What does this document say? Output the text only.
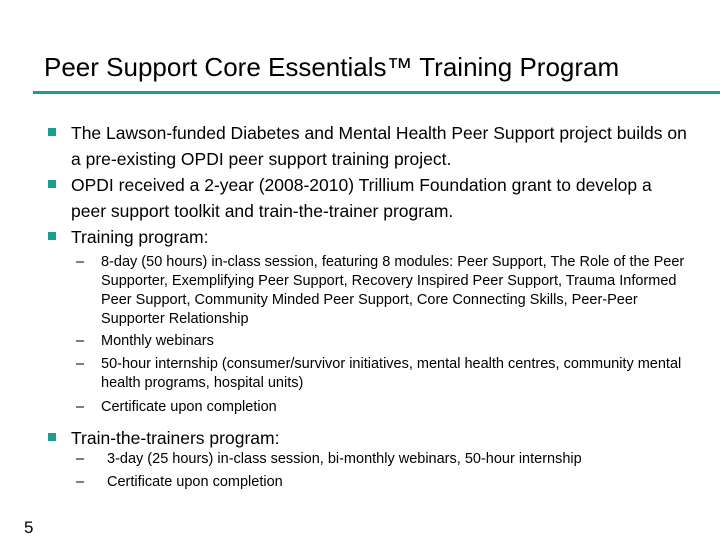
Peer Support Core Essentials™ Training Program
The Lawson-funded Diabetes and Mental Health Peer Support project builds on a pre-existing OPDI peer support training project.
OPDI received a 2-year (2008-2010) Trillium Foundation grant to develop a peer support toolkit and train-the-trainer program.
Training program:
– 8-day (50 hours) in-class session, featuring 8 modules: Peer Support, The Role of the Peer Supporter, Exemplifying Peer Support, Recovery Inspired Peer Support, Trauma Informed Peer Support, Community Minded Peer Support, Core Connecting Skills, Peer-Peer Supporter Relationship
– Monthly webinars
– 50-hour internship (consumer/survivor initiatives, mental health centres, community mental health programs, hospital units)
– Certificate upon completion
Train-the-trainers program:
– 3-day (25 hours) in-class session, bi-monthly webinars, 50-hour internship
– Certificate upon completion
5
